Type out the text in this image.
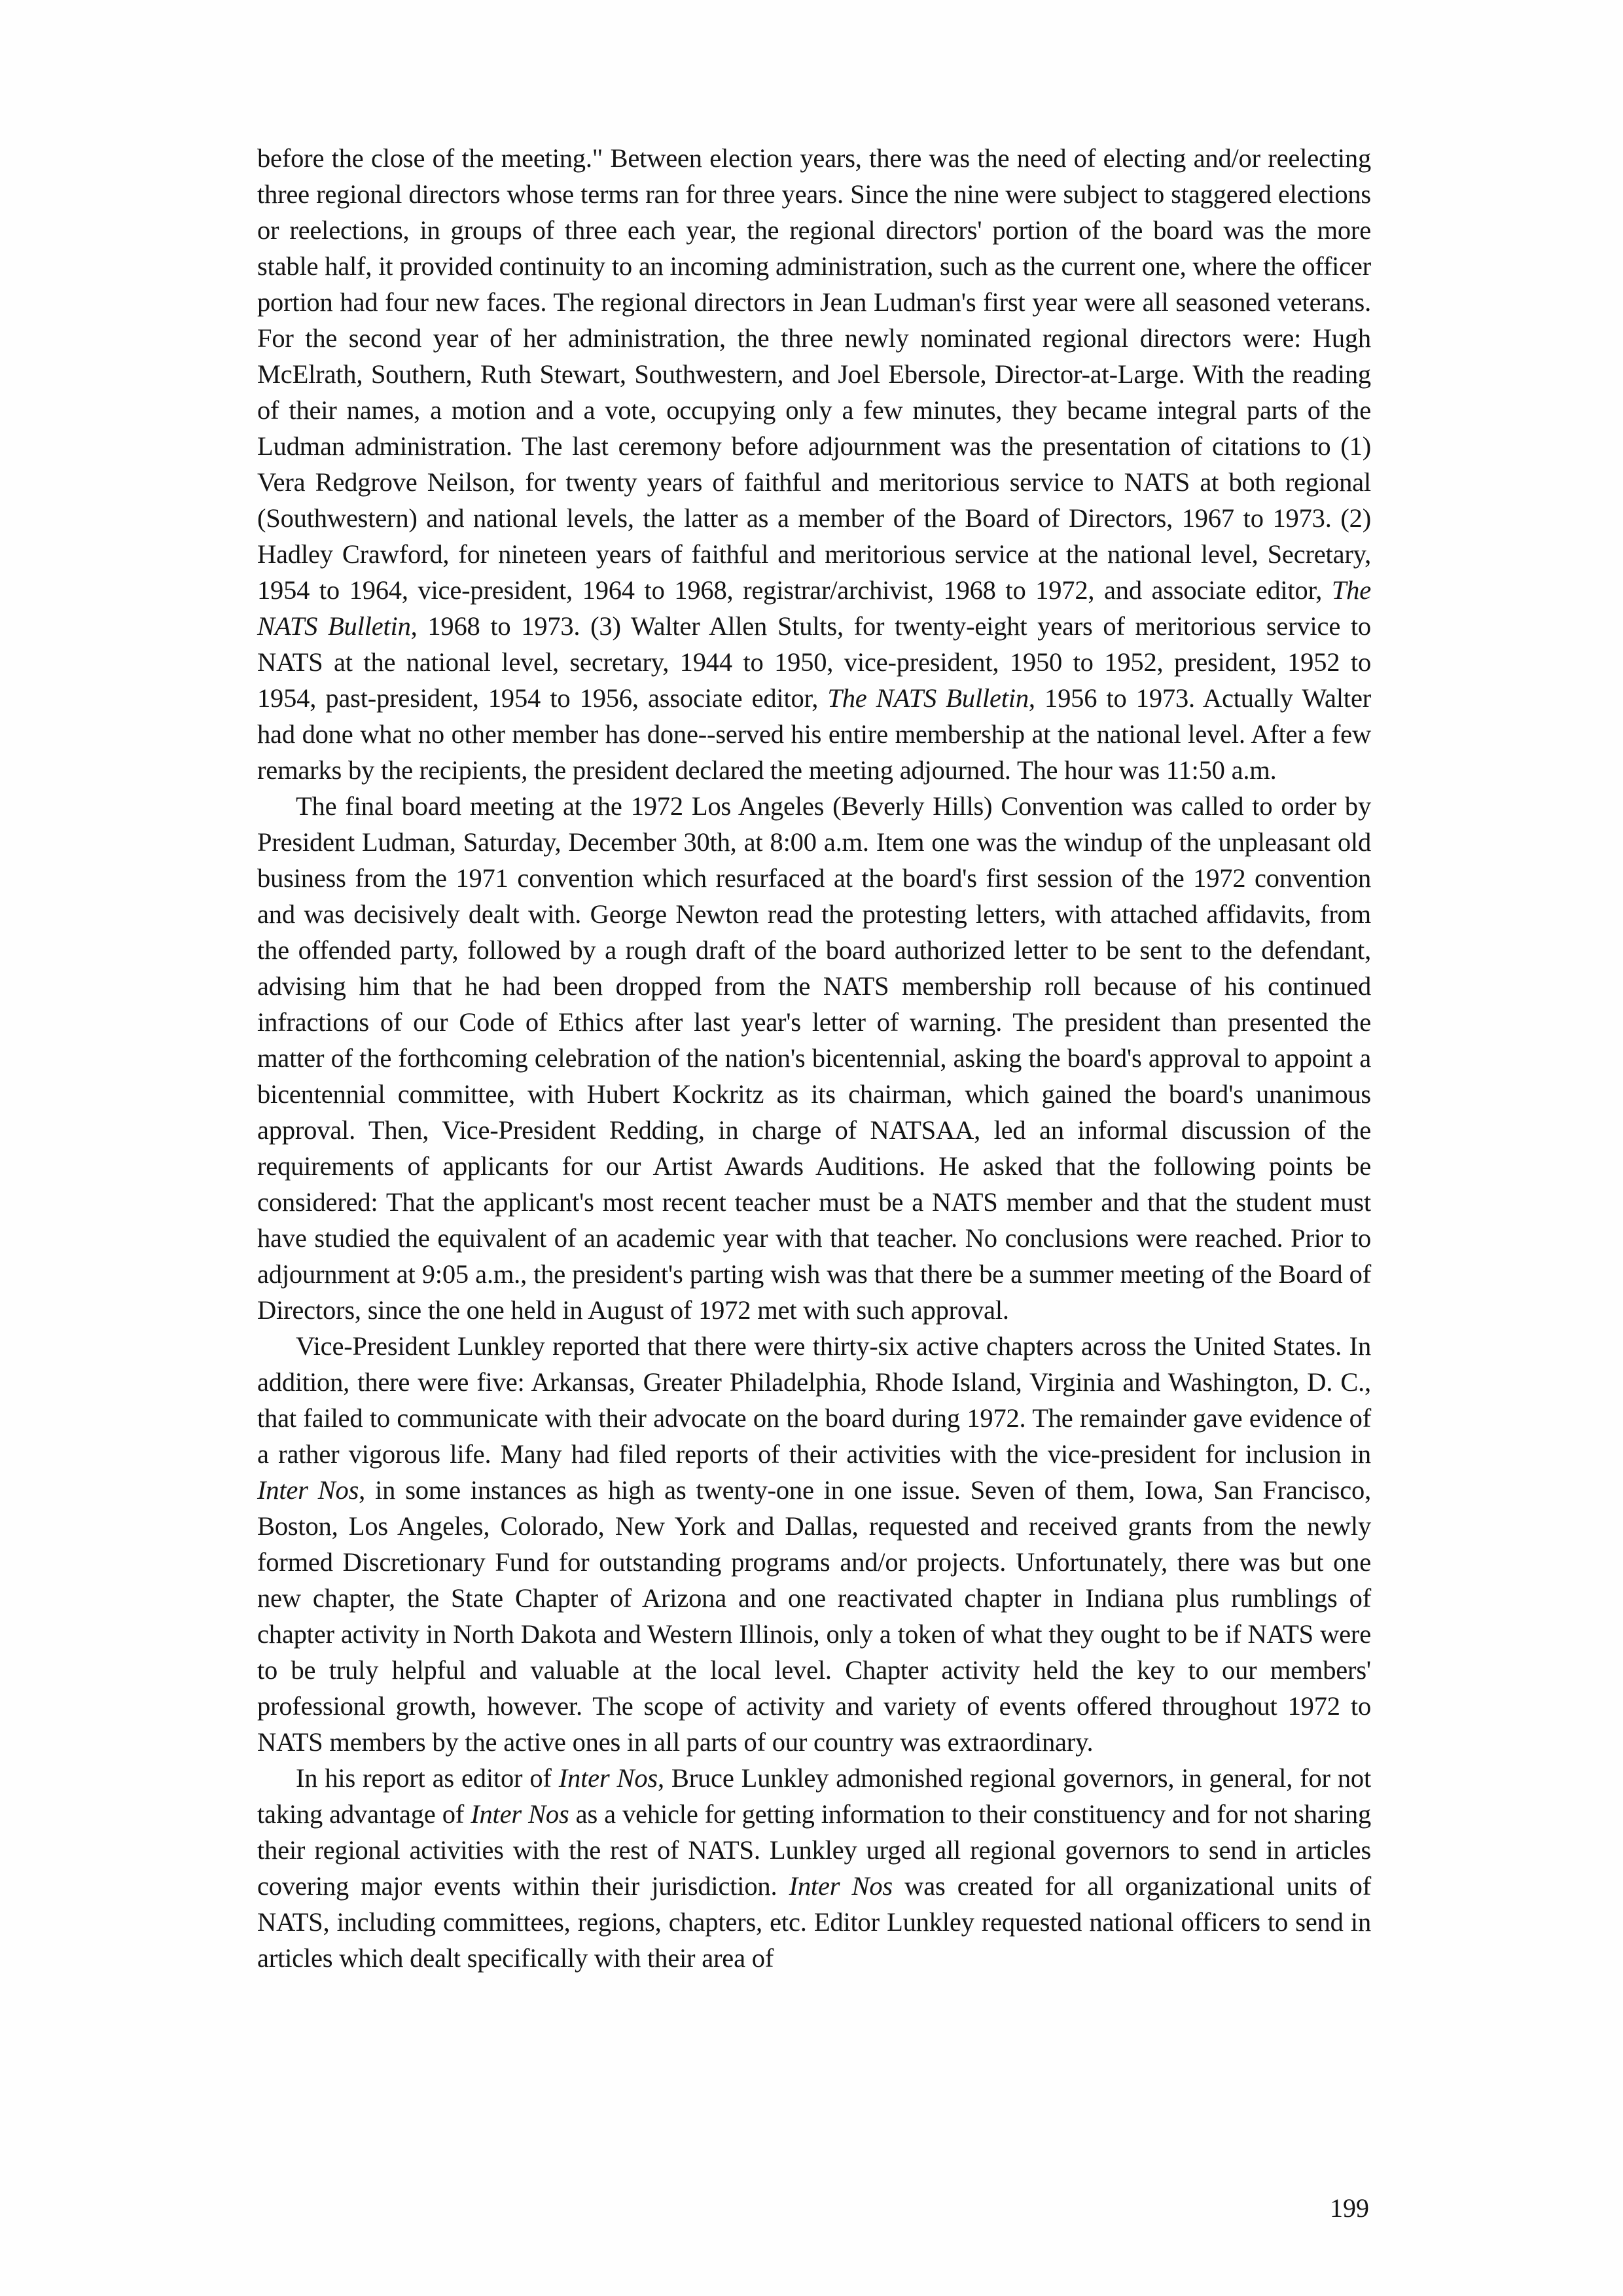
before the close of the meeting." Between election years, there was the need of electing and/or reelecting three regional directors whose terms ran for three years. Since the nine were subject to staggered elections or reelections, in groups of three each year, the regional directors' portion of the board was the more stable half, it provided continuity to an incoming administration, such as the current one, where the officer portion had four new faces. The regional directors in Jean Ludman's first year were all seasoned veterans. For the second year of her administration, the three newly nominated regional directors were: Hugh McElrath, Southern, Ruth Stewart, Southwestern, and Joel Ebersole, Director-at-Large. With the reading of their names, a motion and a vote, occupying only a few minutes, they became integral parts of the Ludman administration. The last ceremony before adjournment was the presentation of citations to (1) Vera Redgrove Neilson, for twenty years of faithful and meritorious service to NATS at both regional (Southwestern) and national levels, the latter as a member of the Board of Directors, 1967 to 1973. (2) Hadley Crawford, for nineteen years of faithful and meritorious service at the national level, Secretary, 1954 to 1964, vice-president, 1964 to 1968, registrar/archivist, 1968 to 1972, and associate editor, The NATS Bulletin, 1968 to 1973. (3) Walter Allen Stults, for twenty-eight years of meritorious service to NATS at the national level, secretary, 1944 to 1950, vice-president, 1950 to 1952, president, 1952 to 1954, past-president, 1954 to 1956, associate editor, The NATS Bulletin, 1956 to 1973. Actually Walter had done what no other member has done--served his entire membership at the national level. After a few remarks by the recipients, the president declared the meeting adjourned. The hour was 11:50 a.m.

The final board meeting at the 1972 Los Angeles (Beverly Hills) Convention was called to order by President Ludman, Saturday, December 30th, at 8:00 a.m. Item one was the windup of the unpleasant old business from the 1971 convention which resurfaced at the board's first session of the 1972 convention and was decisively dealt with. George Newton read the protesting letters, with attached affidavits, from the offended party, followed by a rough draft of the board authorized letter to be sent to the defendant, advising him that he had been dropped from the NATS membership roll because of his continued infractions of our Code of Ethics after last year's letter of warning. The president than presented the matter of the forthcoming celebration of the nation's bicentennial, asking the board's approval to appoint a bicentennial committee, with Hubert Kockritz as its chairman, which gained the board's unanimous approval. Then, Vice-President Redding, in charge of NATSAA, led an informal discussion of the requirements of applicants for our Artist Awards Auditions. He asked that the following points be considered: That the applicant's most recent teacher must be a NATS member and that the student must have studied the equivalent of an academic year with that teacher. No conclusions were reached. Prior to adjournment at 9:05 a.m., the president's parting wish was that there be a summer meeting of the Board of Directors, since the one held in August of 1972 met with such approval.

Vice-President Lunkley reported that there were thirty-six active chapters across the United States. In addition, there were five: Arkansas, Greater Philadelphia, Rhode Island, Virginia and Washington, D. C., that failed to communicate with their advocate on the board during 1972. The remainder gave evidence of a rather vigorous life. Many had filed reports of their activities with the vice-president for inclusion in Inter Nos, in some instances as high as twenty-one in one issue. Seven of them, Iowa, San Francisco, Boston, Los Angeles, Colorado, New York and Dallas, requested and received grants from the newly formed Discretionary Fund for outstanding programs and/or projects. Unfortunately, there was but one new chapter, the State Chapter of Arizona and one reactivated chapter in Indiana plus rumblings of chapter activity in North Dakota and Western Illinois, only a token of what they ought to be if NATS were to be truly helpful and valuable at the local level. Chapter activity held the key to our members' professional growth, however. The scope of activity and variety of events offered throughout 1972 to NATS members by the active ones in all parts of our country was extraordinary.

In his report as editor of Inter Nos, Bruce Lunkley admonished regional governors, in general, for not taking advantage of Inter Nos as a vehicle for getting information to their constituency and for not sharing their regional activities with the rest of NATS. Lunkley urged all regional governors to send in articles covering major events within their jurisdiction. Inter Nos was created for all organizational units of NATS, including committees, regions, chapters, etc. Editor Lunkley requested national officers to send in articles which dealt specifically with their area of

199
